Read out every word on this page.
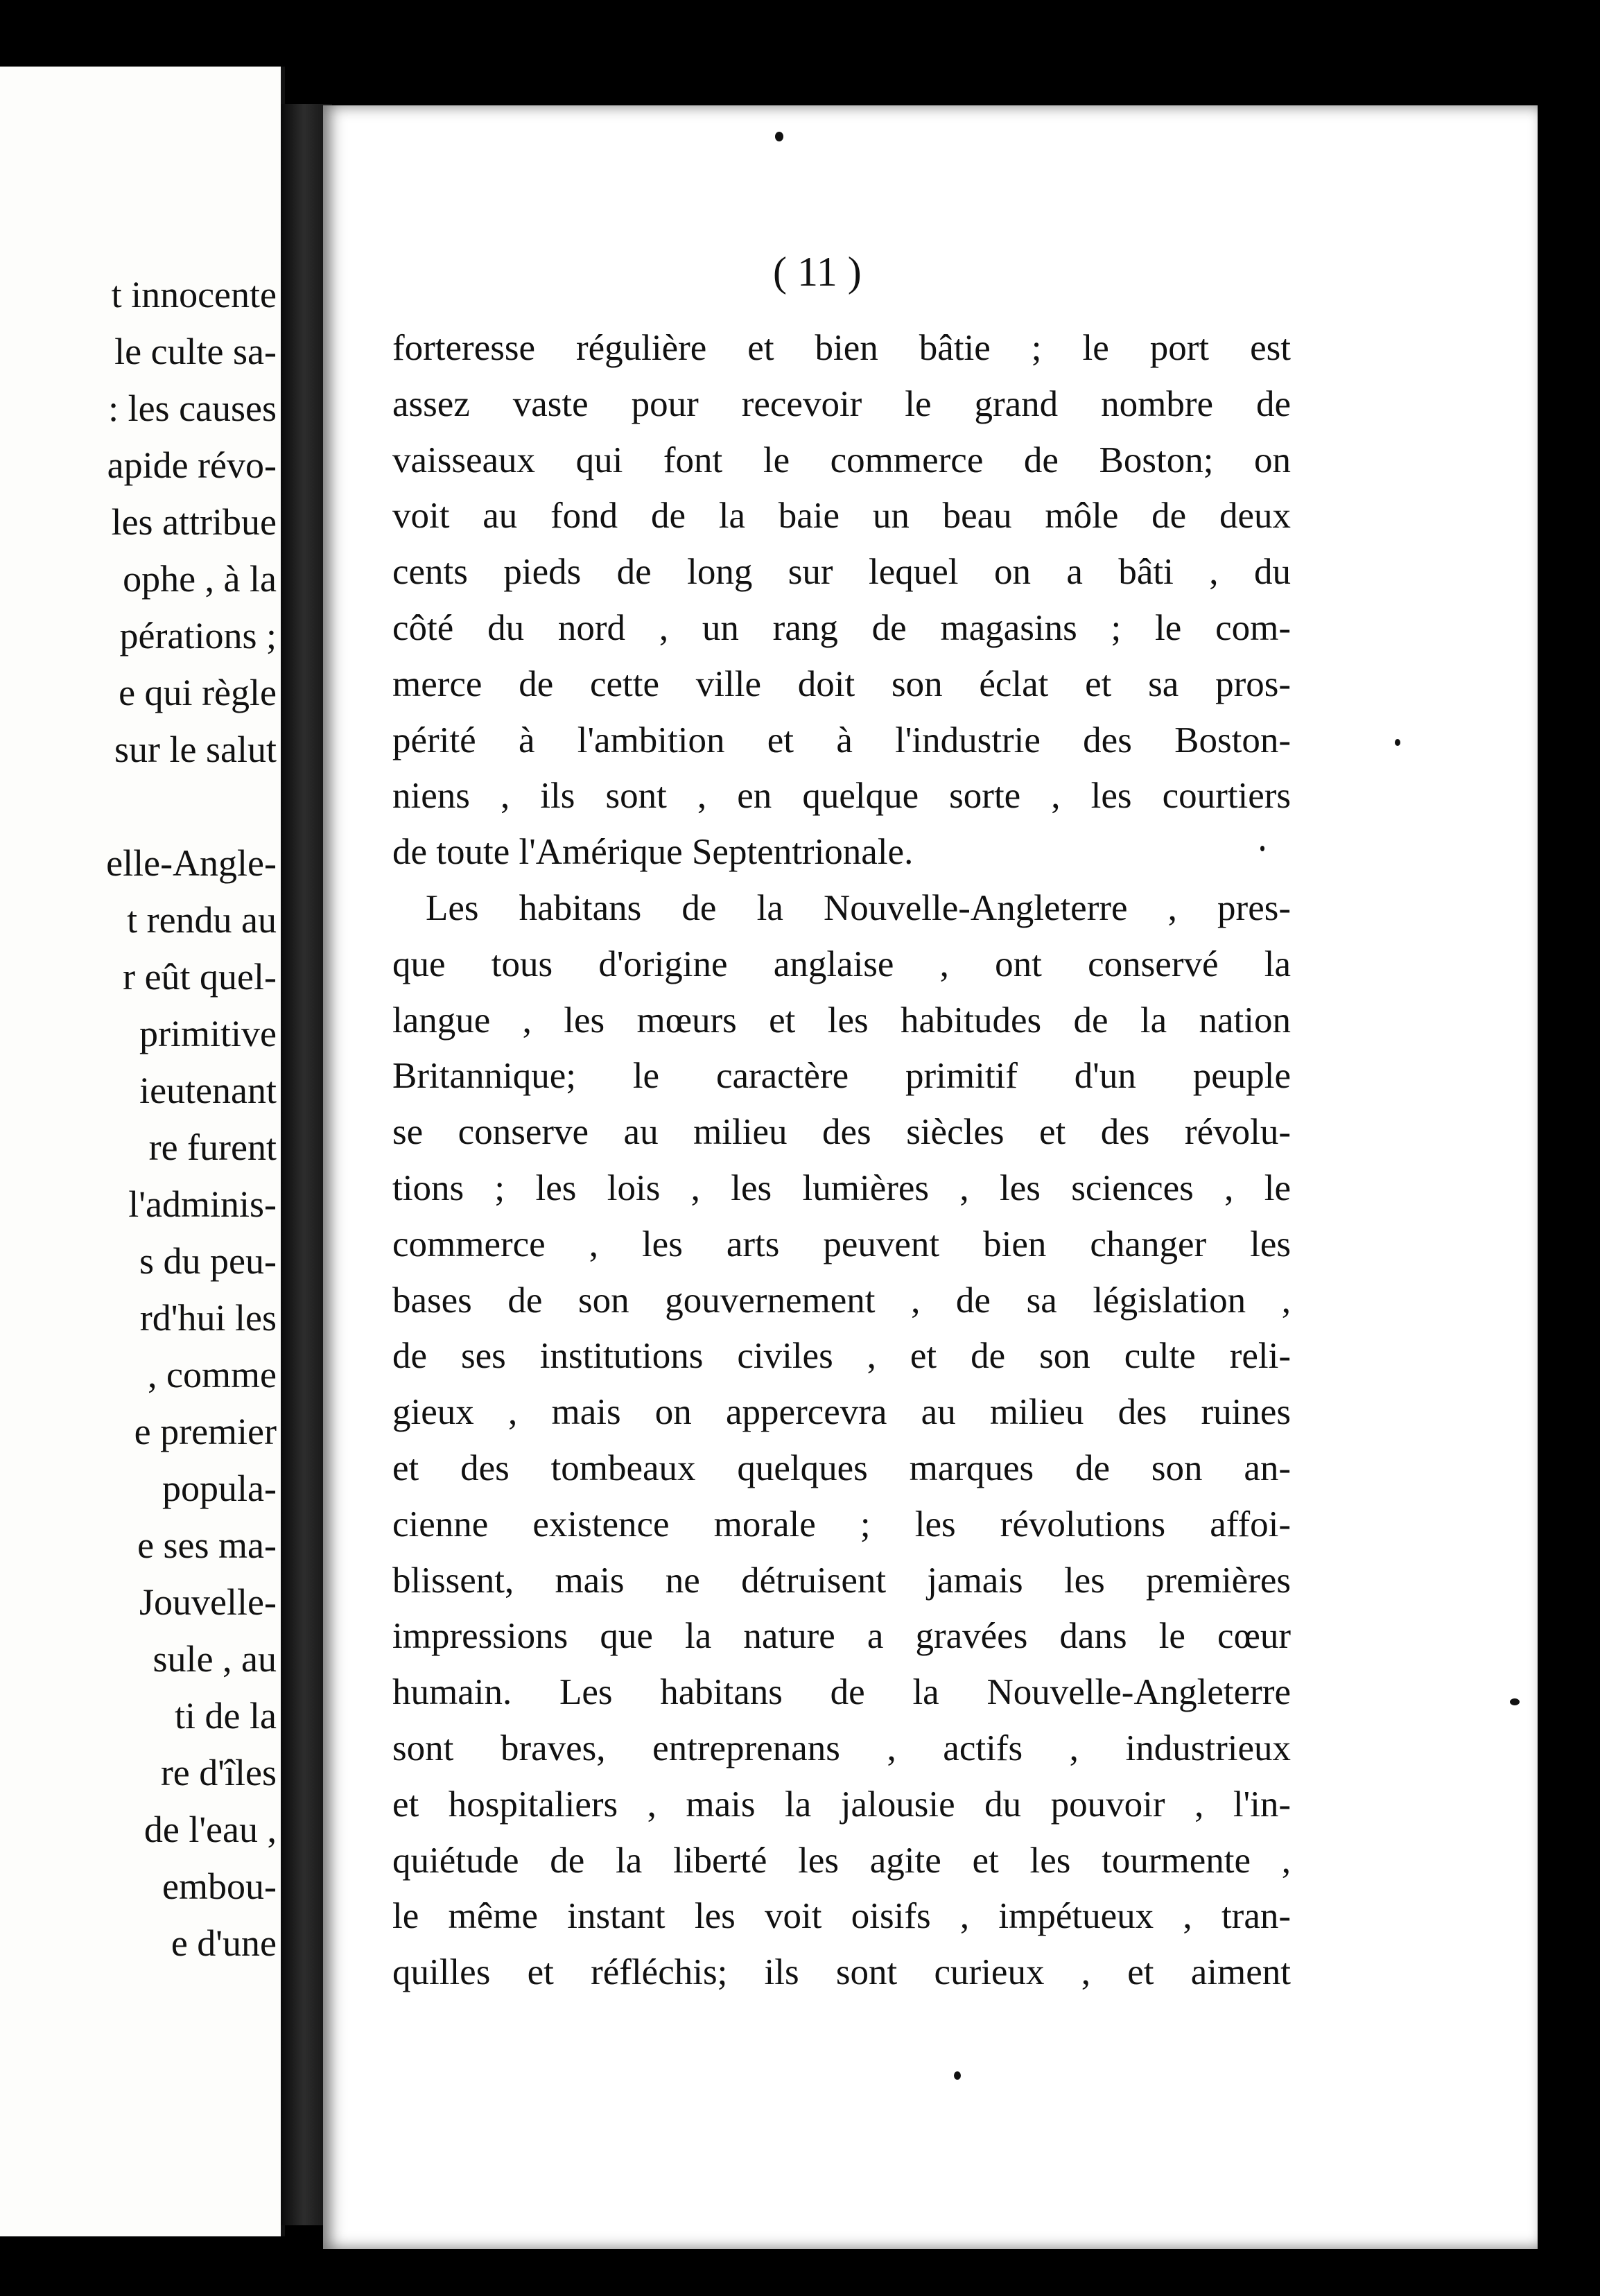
t innocente
le culte sa-
: les causes
apide révo-
les attribue
ophe , à la
pérations ;
e qui règle
sur le salut
elle-Angle-
t rendu au
r eût quel-
primitive
ieutenant
re furent
l'adminis-
s du peu-
rd'hui les
, comme
e premier
popula-
e ses ma-
Jouvelle-
sule , au
ti de la
re d'îles
de l'eau ,
embou-
e d'une
( 11 )
forteresse régulière et bien bâtie ; le port est
assez vaste pour recevoir le grand nombre de
vaisseaux qui font le commerce de Boston; on
voit au fond de la baie un beau môle de deux
cents pieds de long sur lequel on a bâti , du
côté du nord , un rang de magasins ; le com-
merce de cette ville doit son éclat et sa pros-
périté à l'ambition et à l'industrie des Boston-
niens , ils sont , en quelque sorte , les courtiers
de toute l'Amérique Septentrionale.
Les habitans de la Nouvelle-Angleterre , pres-
que tous d'origine anglaise , ont conservé la
langue , les mœurs et les habitudes de la nation
Britannique; le caractère primitif d'un peuple
se conserve au milieu des siècles et des révolu-
tions ; les lois , les lumières , les sciences , le
commerce , les arts peuvent bien changer les
bases de son gouvernement , de sa législation ,
de ses institutions civiles , et de son culte reli-
gieux , mais on appercevra au milieu des ruines
et des tombeaux quelques marques de son an-
cienne existence morale ; les révolutions affoi-
blissent, mais ne détruisent jamais les premières
impressions que la nature a gravées dans le cœur
humain. Les habitans de la Nouvelle-Angleterre
sont braves, entreprenans , actifs , industrieux
et hospitaliers , mais la jalousie du pouvoir , l'in-
quiétude de la liberté les agite et les tourmente ,
le même instant les voit oisifs , impétueux , tran-
quilles et réfléchis; ils sont curieux , et aiment
